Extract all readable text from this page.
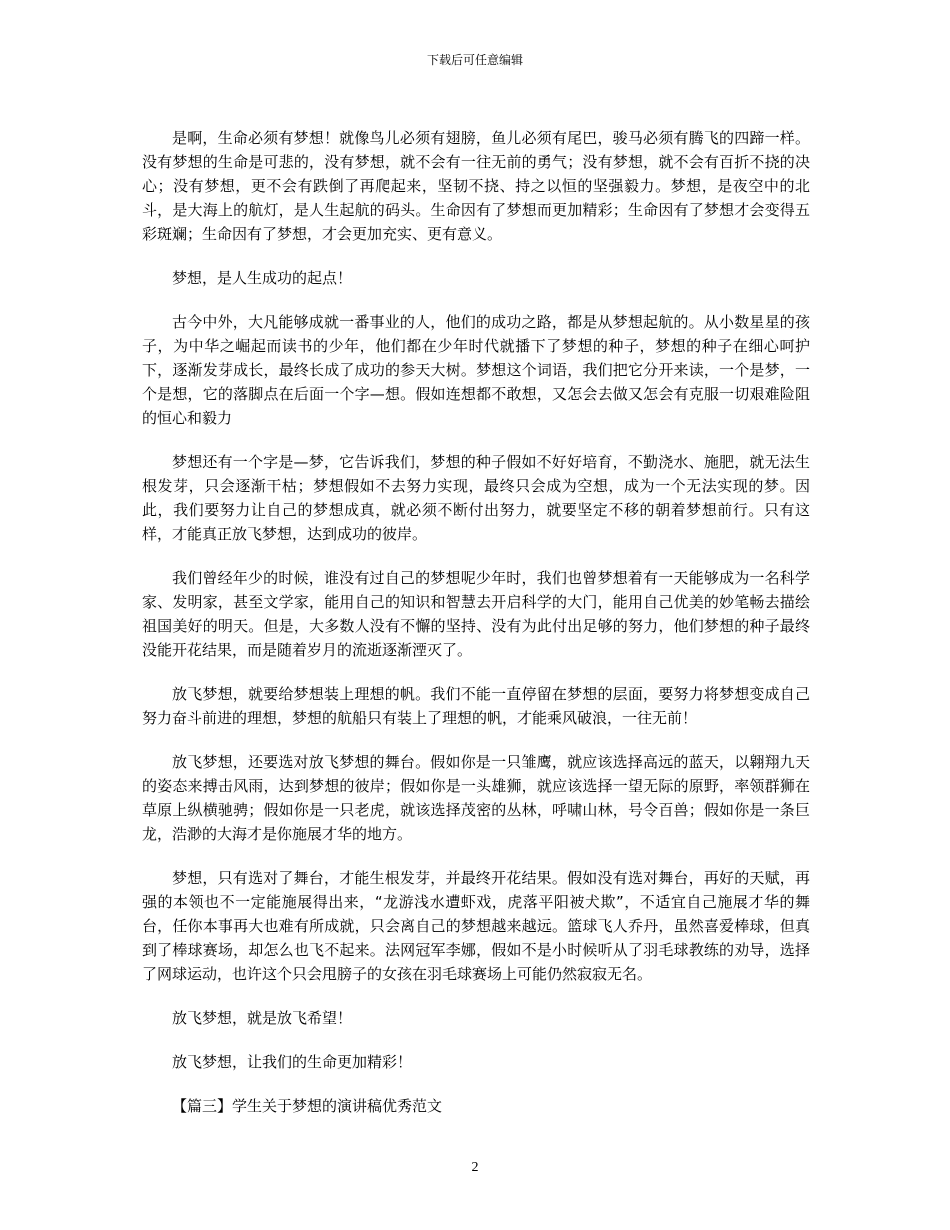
下载后可任意编辑

是啊，生命必须有梦想！就像鸟儿必须有翅膀，鱼儿必须有尾巴，骏马必须有腾飞的四蹄一样。没有梦想的生命是可悲的，没有梦想，就不会有一往无前的勇气；没有梦想，就不会有百折不挠的决心；没有梦想，更不会有跌倒了再爬起来，坚韧不挠、持之以恒的坚强毅力。梦想，是夜空中的北斗，是大海上的航灯，是人生起航的码头。生命因有了梦想而更加精彩；生命因有了梦想才会变得五彩斑斓；生命因有了梦想，才会更加充实、更有意义。

梦想，是人生成功的起点！

古今中外，大凡能够成就一番事业的人，他们的成功之路，都是从梦想起航的。从小数星星的孩子，为中华之崛起而读书的少年，他们都在少年时代就播下了梦想的种子，梦想的种子在细心呵护下，逐渐发芽成长，最终长成了成功的参天大树。梦想这个词语，我们把它分开来读，一个是梦，一个是想，它的落脚点在后面一个字—想。假如连想都不敢想，又怎会去做又怎会有克服一切艰难险阻的恒心和毅力

梦想还有一个字是—梦，它告诉我们，梦想的种子假如不好好培育，不勤浇水、施肥，就无法生根发芽，只会逐渐干枯；梦想假如不去努力实现，最终只会成为空想，成为一个无法实现的梦。因此，我们要努力让自己的梦想成真，就必须不断付出努力，就要坚定不移的朝着梦想前行。只有这样，才能真正放飞梦想，达到成功的彼岸。

我们曾经年少的时候，谁没有过自己的梦想呢少年时，我们也曾梦想着有一天能够成为一名科学家、发明家，甚至文学家，能用自己的知识和智慧去开启科学的大门，能用自己优美的妙笔畅去描绘祖国美好的明天。但是，大多数人没有不懈的坚持、没有为此付出足够的努力，他们梦想的种子最终没能开花结果，而是随着岁月的流逝逐渐湮灭了。

放飞梦想，就要给梦想装上理想的帆。我们不能一直停留在梦想的层面，要努力将梦想变成自己努力奋斗前进的理想，梦想的航船只有装上了理想的帆，才能乘风破浪，一往无前！

放飞梦想，还要选对放飞梦想的舞台。假如你是一只雏鹰，就应该选择高远的蓝天，以翱翔九天的姿态来搏击风雨，达到梦想的彼岸；假如你是一头雄狮，就应该选择一望无际的原野，率领群狮在草原上纵横驰骋；假如你是一只老虎，就该选择茂密的丛林，呼啸山林，号令百兽；假如你是一条巨龙，浩渺的大海才是你施展才华的地方。

梦想，只有选对了舞台，才能生根发芽，并最终开花结果。假如没有选对舞台，再好的天赋，再强的本领也不一定能施展得出来，“龙游浅水遭虾戏，虎落平阳被犬欺”，不适宜自己施展才华的舞台，任你本事再大也难有所成就，只会离自己的梦想越来越远。篮球飞人乔丹，虽然喜爱棒球，但真到了棒球赛场，却怎么也飞不起来。法网冠军李娜，假如不是小时候听从了羽毛球教练的劝导，选择了网球运动，也许这个只会甩膀子的女孩在羽毛球赛场上可能仍然寂寂无名。

放飞梦想，就是放飞希望！

放飞梦想，让我们的生命更加精彩！

【篇三】学生关于梦想的演讲稿优秀范文

2
